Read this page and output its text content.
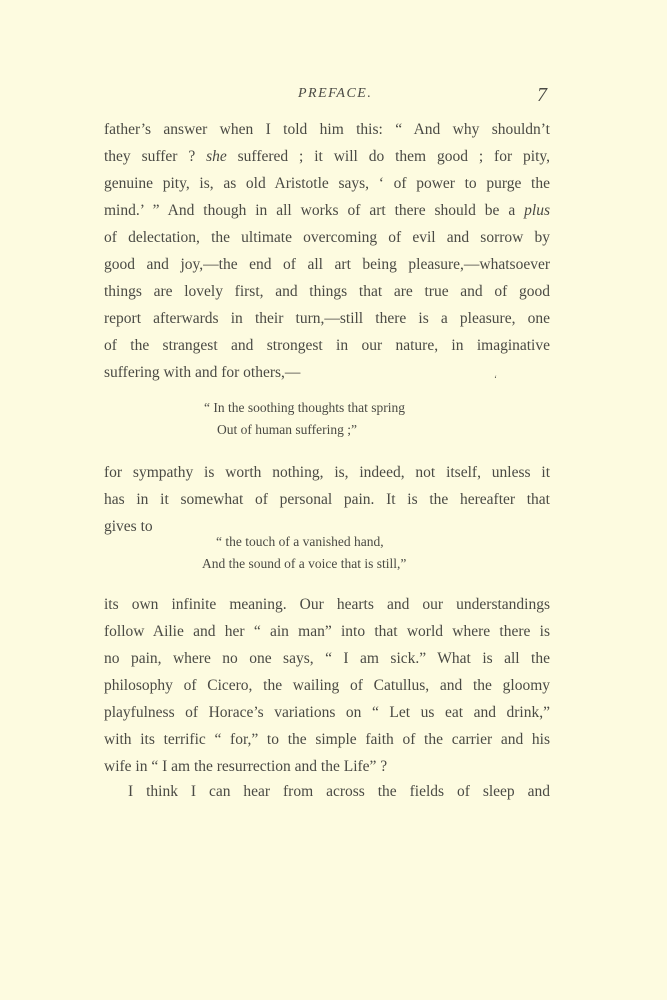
PREFACE.	7
father’s answer when I told him this: “ And why shouldn’t
they suffer ? she suffered ; it will do them good ; for pity,
genuine pity, is, as old Aristotle says, ‘ of power to purge the
mind.’ ” And though in all works of art there should be a plus
of delectation, the ultimate overcoming of evil and sorrow by
good and joy,—the end of all art being pleasure,—whatsoever
things are lovely first, and things that are true and of good
report afterwards in their turn,—still there is a pleasure, one
of the strangest and strongest in our nature, in imaginative
suffering with and for others,—	‘
“ In the soothing thoughts that spring
Out of human suffering ;”
for sympathy is worth nothing, is, indeed, not itself, unless it
has in it somewhat of personal pain. It is the hereafter that
gives to
“ the touch of a vanished hand,
And the sound of a voice that is still,”
its own infinite meaning. Our hearts and our understandings
follow Ailie and her “ ain man” into that world where there is
no pain, where no one says, “ I am sick.” What is all the
philosophy of Cicero, the wailing of Catullus, and the gloomy
playfulness of Horace’s variations on “ Let us eat and drink,”
with its terrific “ for,” to the simple faith of the carrier and his
wife in “ I am the resurrection and the Life” ?
I think I can hear from across the fields of sleep and
